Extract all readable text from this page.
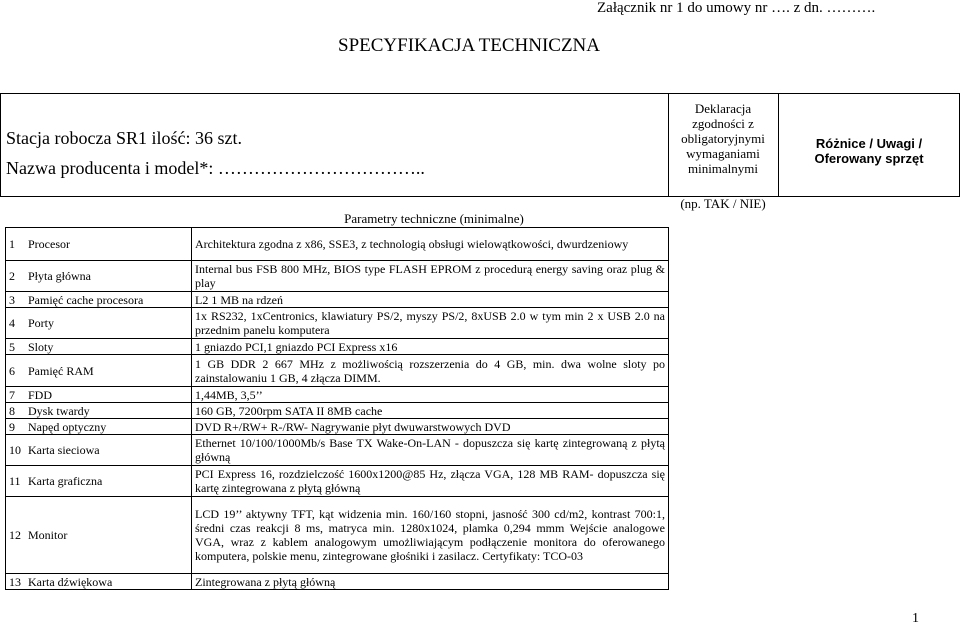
Załącznik nr 1 do umowy nr …. z dn. ……….
SPECYFIKACJA TECHNICZNA
Stacja robocza SR1 ilość: 36 szt.
Nazwa producenta i model*: ……………………………..
Deklaracja zgodności z obligatoryjnymi wymaganiami minimalnymi
Różnice / Uwagi / Oferowany sprzęt
(np. TAK / NIE)
Parametry techniczne (minimalne)
1	Procesor	Architektura zgodna z x86, SSE3, z technologią obsługi wielowątkowości, dwurdzeniowy
2	Płyta główna	Internal bus FSB 800 MHz, BIOS type FLASH EPROM z procedurą energy saving oraz plug & play
3	Pamięć cache procesora	L2 1 MB na rdzeń
4	Porty	1x RS232, 1xCentronics, klawiatury PS/2, myszy PS/2, 8xUSB 2.0 w tym min 2 x USB 2.0 na przednim panelu komputera
5	Sloty	1 gniazdo PCI,1 gniazdo PCI Express x16
6	Pamięć RAM	1 GB DDR 2 667 MHz z możliwością rozszerzenia do 4 GB, min. dwa wolne sloty po zainstalowaniu 1 GB, 4 złącza DIMM.
7	FDD	1,44MB, 3,5’’
8	Dysk twardy	160 GB, 7200rpm SATA II 8MB cache
9	Napęd optyczny	DVD R+/RW+ R-/RW- Nagrywanie płyt dwuwarstwowych DVD
10	Karta sieciowa	Ethernet 10/100/1000Mb/s Base TX Wake-On-LAN - dopuszcza się kartę zintegrowaną z płytą główną
11	Karta graficzna	PCI Express 16, rozdzielczość 1600x1200@85 Hz, złącza VGA, 128 MB RAM- dopuszcza się kartę zintegrowana z płytą główną
12	Monitor	LCD 19’’ aktywny TFT, kąt widzenia min. 160/160 stopni, jasność 300 cd/m2, kontrast 700:1, średni czas reakcji 8 ms, matryca min. 1280x1024, plamka 0,294 mmm Wejście analogowe VGA, wraz z kablem analogowym umożliwiającym podłączenie monitora do oferowanego komputera, polskie menu, zintegrowane głośniki i zasilacz. Certyfikaty: TCO-03
13	Karta dźwiękowa	Zintegrowana z płytą główną
1
